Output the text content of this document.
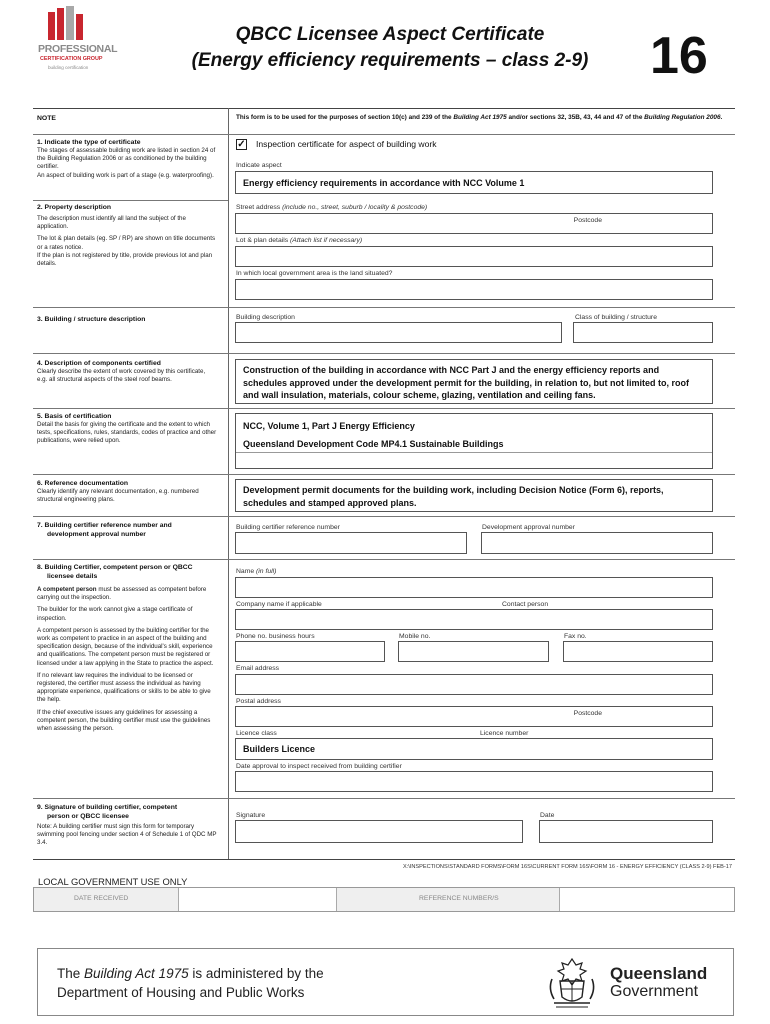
PROFESSIONAL
CERTIFICATION GROUP
building certification
QBCC Licensee Aspect Certificate
(Energy efficiency requirements – class 2-9)	16
NOTE	This form is to be used for the purposes of section 10(c) and 239 of the Building Act 1975 and/or sections 32, 35B, 43, 44 and 47 of the Building Regulation 2006.
1. Indicate the type of certificate
The stages of assessable building work are listed in section 24 of the Building Regulation 2006 or as conditioned by the building certifier.
An aspect of building work is part of a stage (e.g. waterproofing).
✓ Inspection certificate for aspect of building work
Indicate aspect
Energy efficiency requirements in accordance with NCC Volume 1
2. Property description
The description must identify all land the subject of the application.
The lot & plan details (eg. SP / RP) are shown on title documents or a rates notice.
If the plan is not registered by title, provide previous lot and plan details.
Street address (include no., street, suburb / locality & postcode)
Postcode
Lot & plan details (Attach list if necessary)
In which local government area is the land situated?
3. Building / structure description	Building description	Class of building / structure
4. Description of components certified
Clearly describe the extent of work covered by this certificate, e.g. all structural aspects of the steel roof beams.
Construction of the building in accordance with NCC Part J and the energy efficiency reports and schedules approved under the development permit for the building, in relation to, but not limited to, roof and wall insulation, materials, colour scheme, glazing, ventilation and ceiling fans.
5. Basis of certification
Detail the basis for giving the certificate and the extent to which tests, specifications, rules, standards, codes of practice and other publications, were relied upon.
NCC, Volume 1, Part J Energy Efficiency
Queensland Development Code MP4.1 Sustainable Buildings
6. Reference documentation
Clearly identify any relevant documentation, e.g. numbered structural engineering plans.
Development permit documents for the building work, including Decision Notice (Form 6), reports, schedules and stamped approved plans.
7. Building certifier reference number and
development approval number
Building certifier reference number	Development approval number
8. Building Certifier, competent person or QBCC
licensee details
A competent person must be assessed as competent before carrying out the inspection.
The builder for the work cannot give a stage certificate of inspection.
A competent person is assessed by the building certifier for the work as competent to practice in an aspect of the building and specification design, because of the individual's skill, experience and qualifications. The competent person must be registered or licensed under a law applying in the State to practice the aspect.
If no relevant law requires the individual to be licensed or registered, the certifier must assess the individual as having appropriate experience, qualifications or skills to be able to give the help.
If the chief executive issues any guidelines for assessing a competent person, the building certifier must use the guidelines when assessing the person.
Name (in full)
Company name if applicable	Contact person
Phone no. business hours	Mobile no.	Fax no.
Email address
Postal address
Postcode
Licence class	Licence number
Builders Licence
Date approval to inspect received from building certifier
9. Signature of building certifier, competent
person or QBCC licensee
Note: A building certifier must sign this form for temporary swimming pool fencing under section 4 of Schedule 1 of QDC MP 3.4.
Signature	Date
X:\INSPECTIONS\STANDARD FORMS\FORM 16S\CURRENT FORM 16S\FORM 16 - ENERGY EFFICIENCY (CLASS 2-9) FEB-17
LOCAL GOVERNMENT USE ONLY
DATE RECEIVED	REFERENCE NUMBER/S
The Building Act 1975 is administered by the
Department of Housing and Public Works
Queensland
Government
